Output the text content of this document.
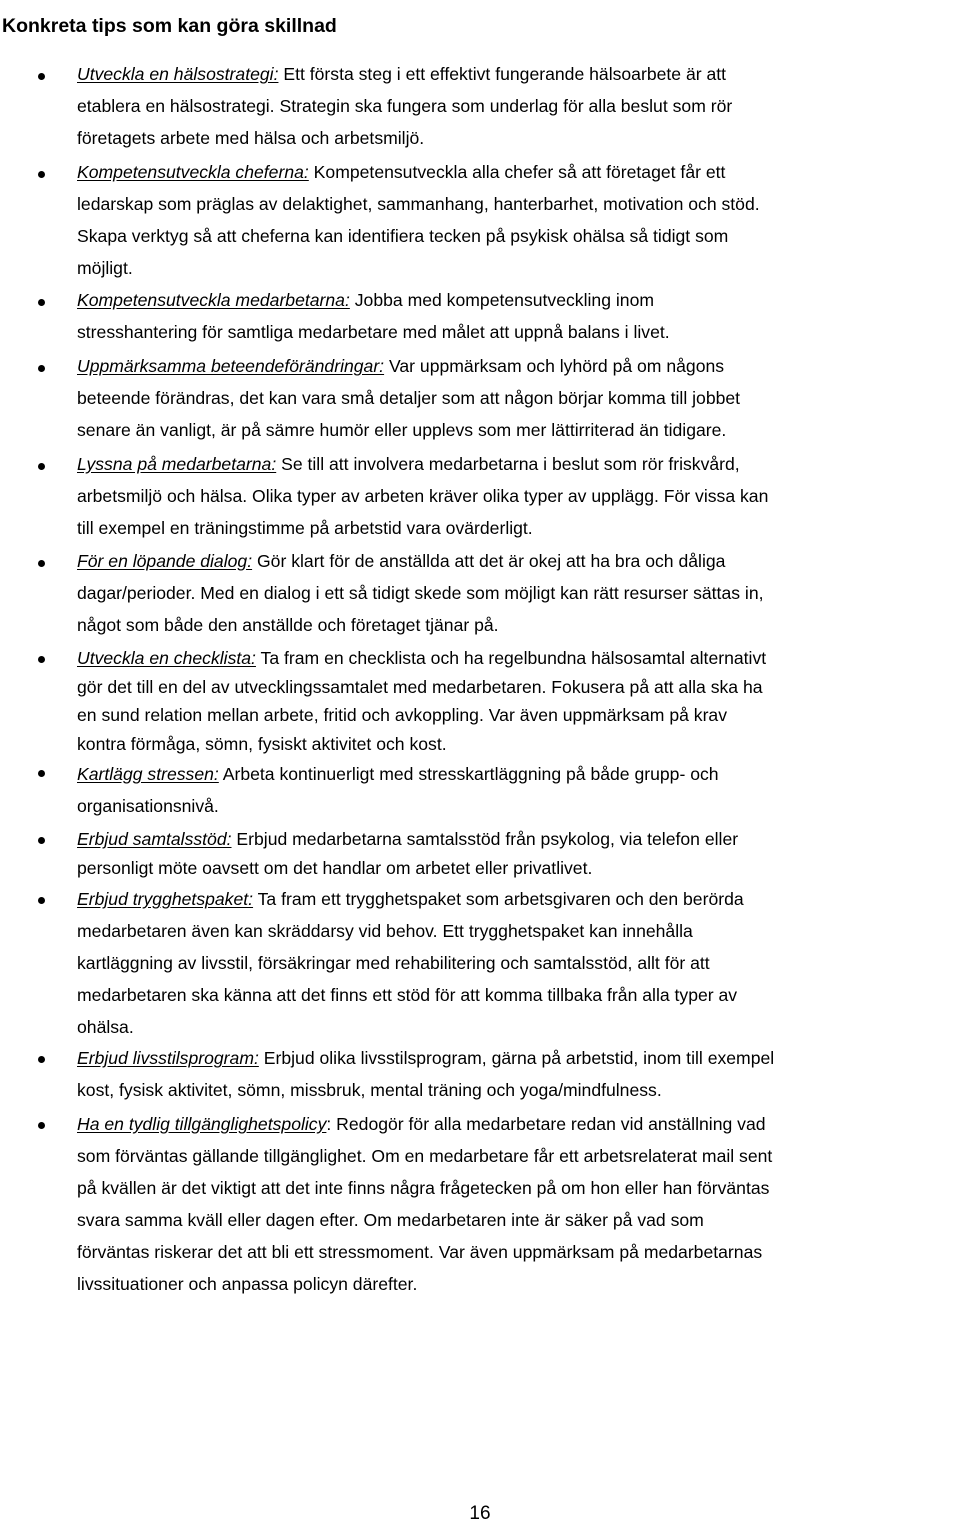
Konkreta tips som kan göra skillnad
Utveckla en hälsostrategi: Ett första steg i ett effektivt fungerande hälsoarbete är att
etablera en hälsostrategi. Strategin ska fungera som underlag för alla beslut som rör
företagets arbete med hälsa och arbetsmiljö.
Kompetensutveckla cheferna: Kompetensutveckla alla chefer så att företaget får ett
ledarskap som präglas av delaktighet, sammanhang, hanterbarhet, motivation och stöd.
Skapa verktyg så att cheferna kan identifiera tecken på psykisk ohälsa så tidigt som
möjligt.
Kompetensutveckla medarbetarna: Jobba med kompetensutveckling inom
stresshantering för samtliga medarbetare med målet att uppnå balans i livet.
Uppmärksamma beteendeförändringar: Var uppmärksam och lyhörd på om någons
beteende förändras, det kan vara små detaljer som att någon börjar komma till jobbet
senare än vanligt, är på sämre humör eller upplevs som mer lättirriterad än tidigare.
Lyssna på medarbetarna: Se till att involvera medarbetarna i beslut som rör friskvård,
arbetsmiljö och hälsa. Olika typer av arbeten kräver olika typer av upplägg. För vissa kan
till exempel en träningstimme på arbetstid vara ovärderligt.
För en löpande dialog: Gör klart för de anställda att det är okej att ha bra och dåliga
dagar/perioder. Med en dialog i ett så tidigt skede som möjligt kan rätt resurser sättas in,
något som både den anställde och företaget tjänar på.
Utveckla en checklista: Ta fram en checklista och ha regelbundna hälsosamtal alternativt
gör det till en del av utvecklingssamtalet med medarbetaren. Fokusera på att alla ska ha
en sund relation mellan arbete, fritid och avkoppling. Var även uppmärksam på krav
kontra förmåga, sömn, fysiskt aktivitet och kost.
Kartlägg stressen: Arbeta kontinuerligt med stresskartläggning på både grupp- och
organisationsnivå.
Erbjud samtalsstöd: Erbjud medarbetarna samtalsstöd från psykolog, via telefon eller
personligt möte oavsett om det handlar om arbetet eller privatlivet.
Erbjud trygghetspaket: Ta fram ett trygghetspaket som arbetsgivaren och den berörda
medarbetaren även kan skräddarsy vid behov. Ett trygghetspaket kan innehålla
kartläggning av livsstil, försäkringar med rehabilitering och samtalsstöd, allt för att
medarbetaren ska känna att det finns ett stöd för att komma tillbaka från alla typer av
ohälsa.
Erbjud livsstilsprogram: Erbjud olika livsstilsprogram, gärna på arbetstid, inom till exempel
kost, fysisk aktivitet, sömn, missbruk, mental träning och yoga/mindfulness.
Ha en tydlig tillgänglighetspolicy: Redogör för alla medarbetare redan vid anställning vad
som förväntas gällande tillgänglighet. Om en medarbetare får ett arbetsrelaterat mail sent
på kvällen är det viktigt att det inte finns några frågetecken på om hon eller han förväntas
svara samma kväll eller dagen efter. Om medarbetaren inte är säker på vad som
förväntas riskerar det att bli ett stressmoment. Var även uppmärksam på medarbetarnas
livssituationer och anpassa policyn därefter.
16
